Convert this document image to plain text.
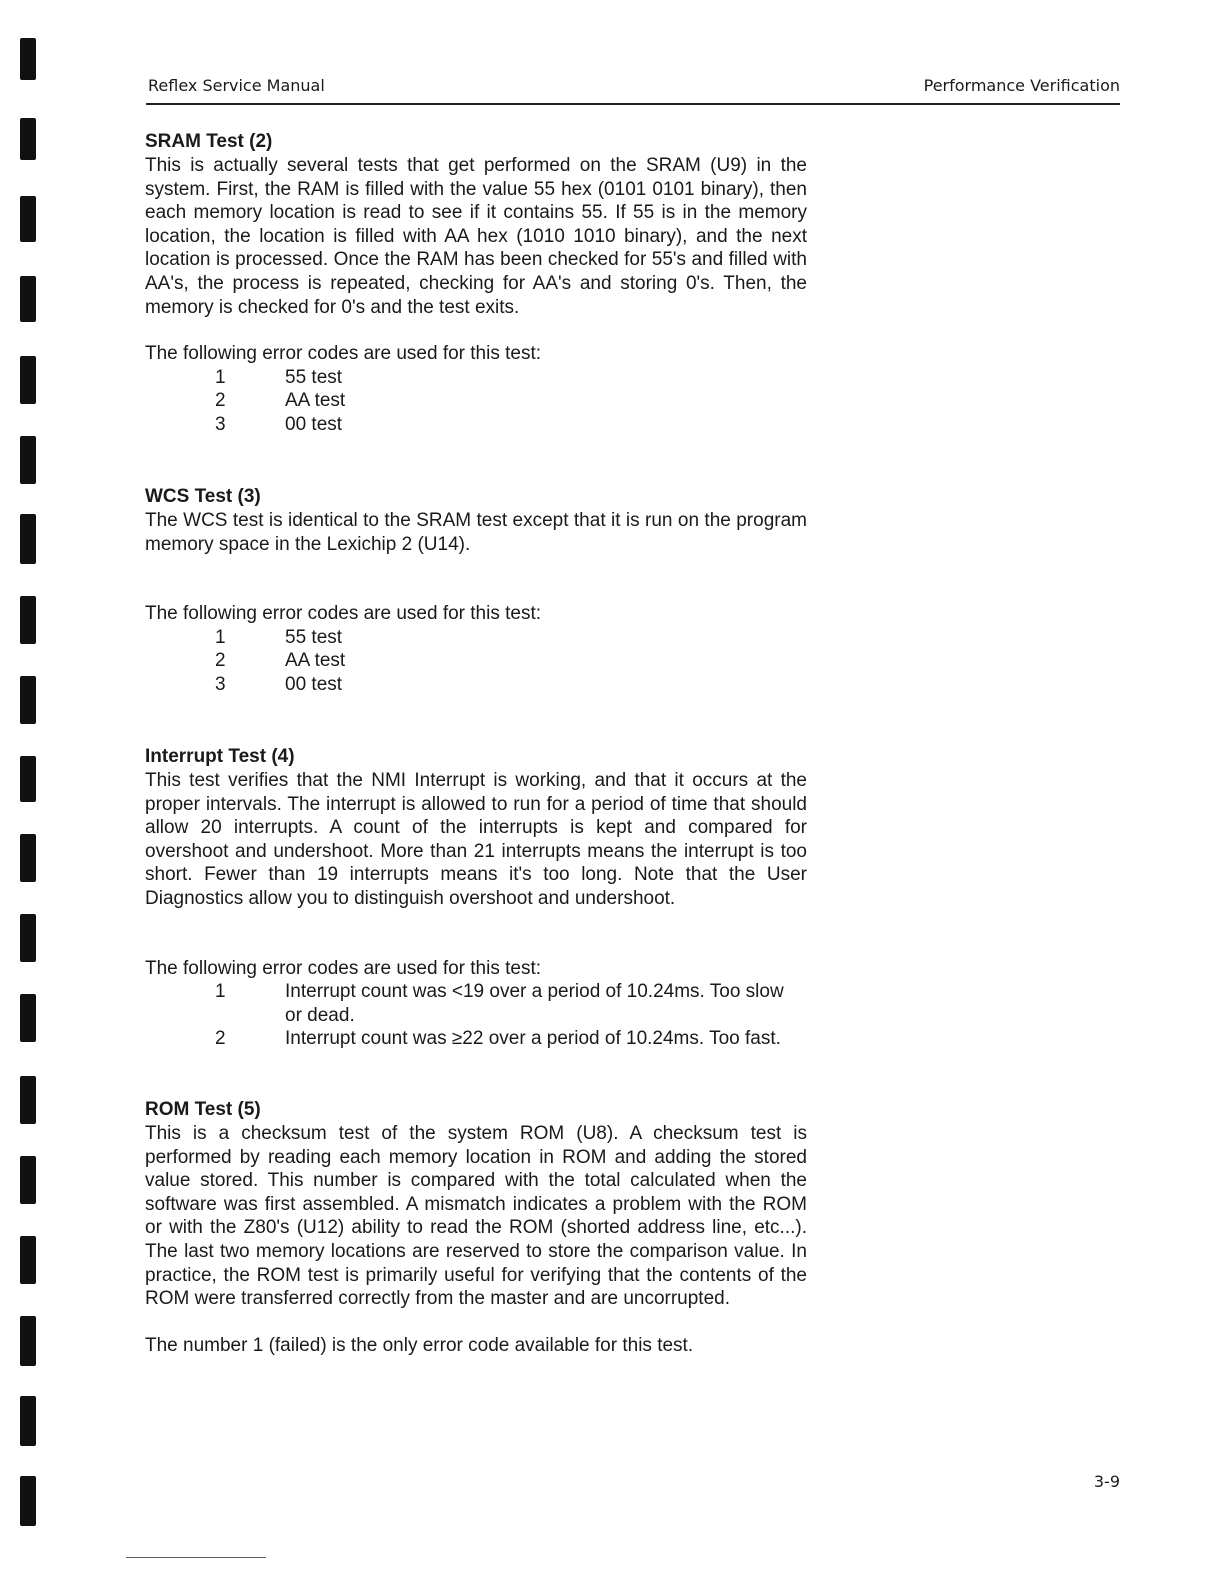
Reflex Service Manual	Performance Verification

SRAM Test (2)

This is actually several tests that get performed on the SRAM (U9) in the system. First, the RAM is filled with the value 55 hex (0101 0101 binary), then each memory location is read to see if it contains 55. If 55 is in the memory location, the location is filled with AA hex (1010 1010 binary), and the next location is processed. Once the RAM has been checked for 55's and filled with AA's, the process is repeated, checking for AA's and storing 0's. Then, the memory is checked for 0's and the test exits.

The following error codes are used for this test:

1	55 test
2	AA test
3	00 test

WCS Test (3)

The WCS test is identical to the SRAM test except that it is run on the program memory space in the Lexichip 2 (U14).

The following error codes are used for this test:

1	55 test
2	AA test
3	00 test

Interrupt Test (4)

This test verifies that the NMI Interrupt is working, and that it occurs at the proper intervals. The interrupt is allowed to run for a period of time that should allow 20 interrupts. A count of the interrupts is kept and compared for overshoot and undershoot. More than 21 interrupts means the interrupt is too short. Fewer than 19 interrupts means it's too long. Note that the User Diagnostics allow you to distinguish overshoot and undershoot.

The following error codes are used for this test:

1	Interrupt count was <19 over a period of 10.24ms. Too slow or dead.
2	Interrupt count was ≥22 over a period of 10.24ms. Too fast.

ROM Test (5)

This is a checksum test of the system ROM (U8). A checksum test is performed by reading each memory location in ROM and adding the stored value stored. This number is compared with the total calculated when the software was first assembled. A mismatch indicates a problem with the ROM or with the Z80's (U12) ability to read the ROM (shorted address line, etc...). The last two memory locations are reserved to store the comparison value. In practice, the ROM test is primarily useful for verifying that the contents of the ROM were transferred correctly from the master and are uncorrupted.

The number 1 (failed) is the only error code available for this test.

3-9
